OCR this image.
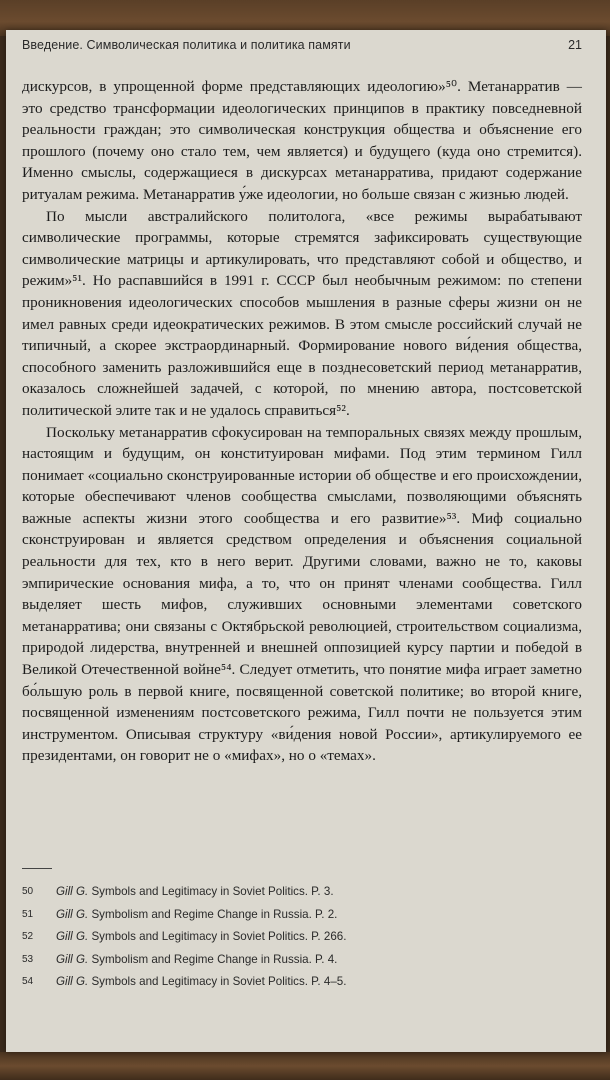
Введение. Символическая политика и политика памяти	21

дискурсов, в упрощенной форме представляющих идеологию»⁵⁰. Метанарратив — это средство трансформации идеологических принципов в практику повседневной реальности граждан; это символическая конструкция общества и объяснение его прошлого (почему оно стало тем, чем является) и будущего (куда оно стремится). Именно смыслы, содержащиеся в дискурсах метанарратива, придают содержание ритуалам режима. Метанарратив у́же идеологии, но больше связан с жизнью людей.

По мысли австралийского политолога, «все режимы вырабатывают символические программы, которые стремятся зафиксировать существующие символические матрицы и артикулировать, что представляют собой и общество, и режим»⁵¹. Но распавшийся в 1991 г. СССР был необычным режимом: по степени проникновения идеологических способов мышления в разные сферы жизни он не имел равных среди идеократических режимов. В этом смысле российский случай не типичный, а скорее экстраординарный. Формирование нового ви́дения общества, способного заменить разложившийся еще в позднесоветский период метанарратив, оказалось сложнейшей задачей, с которой, по мнению автора, постсоветской политической элите так и не удалось справиться⁵².

Поскольку метанарратив сфокусирован на темпоральных связях между прошлым, настоящим и будущим, он конституирован мифами. Под этим термином Гилл понимает «социально сконструированные истории об обществе и его происхождении, которые обеспечивают членов сообщества смыслами, позволяющими объяснять важные аспекты жизни этого сообщества и его развитие»⁵³. Миф социально сконструирован и является средством определения и объяснения социальной реальности для тех, кто в него верит. Другими словами, важно не то, каковы эмпирические основания мифа, а то, что он принят членами сообщества. Гилл выделяет шесть мифов, служивших основными элементами советского метанарратива; они связаны с Октябрьской революцией, строительством социализма, природой лидерства, внутренней и внешней оппозицией курсу партии и победой в Великой Отечественной войне⁵⁴. Следует отметить, что понятие мифа играет заметно бо́льшую роль в первой книге, посвященной советской политике; во второй книге, посвященной изменениям постсоветского режима, Гилл почти не пользуется этим инструментом. Описывая структуру «ви́дения новой России», артикулируемого ее президентами, он говорит не о «мифах», но о «темах».

50 Gill G. Symbols and Legitimacy in Soviet Politics. P. 3.
51 Gill G. Symbolism and Regime Change in Russia. P. 2.
52 Gill G. Symbols and Legitimacy in Soviet Politics. P. 266.
53 Gill G. Symbolism and Regime Change in Russia. P. 4.
54 Gill G. Symbols and Legitimacy in Soviet Politics. P. 4–5.
